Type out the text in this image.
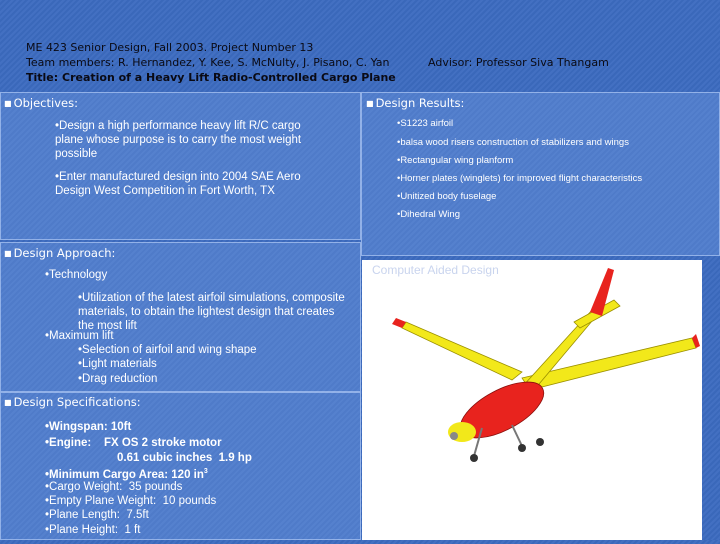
ME 423 Senior Design, Fall 2003. Project Number 13
Team members: R. Hernandez, Y. Kee, S. McNulty, J. Pisano, C. Yan	Advisor: Professor Siva Thangam
Title: Creation of a Heavy Lift Radio-Controlled Cargo Plane
■ Objectives:
•Design a high performance heavy lift R/C cargo plane whose purpose is to carry the most weight possible
•Enter manufactured design into 2004 SAE Aero Design West Competition in Fort Worth, TX
■ Design Results:
•S1223 airfoil
•balsa wood risers construction of stabilizers and wings
•Rectangular wing planform
•Horner plates (winglets) for improved flight characteristics
•Unitized body fuselage
•Dihedral Wing
■ Design Approach:
•Technology
•Utilization of the latest airfoil simulations, composite materials, to obtain the lightest design that creates the most lift
•Maximum lift
•Selection of airfoil and wing shape
•Light materials
•Drag reduction
■ Design Specifications:
•Wingspan: 10ft
•Engine:    FX OS 2 stroke motor
0.61 cubic inches  1.9 hp
•Minimum Cargo Area: 120 $in^3$
•Cargo Weight:  35 pounds
•Empty Plane Weight:  10 pounds
•Plane Length:  7.5ft
•Plane Height:  1 ft
Computer Aided Design
